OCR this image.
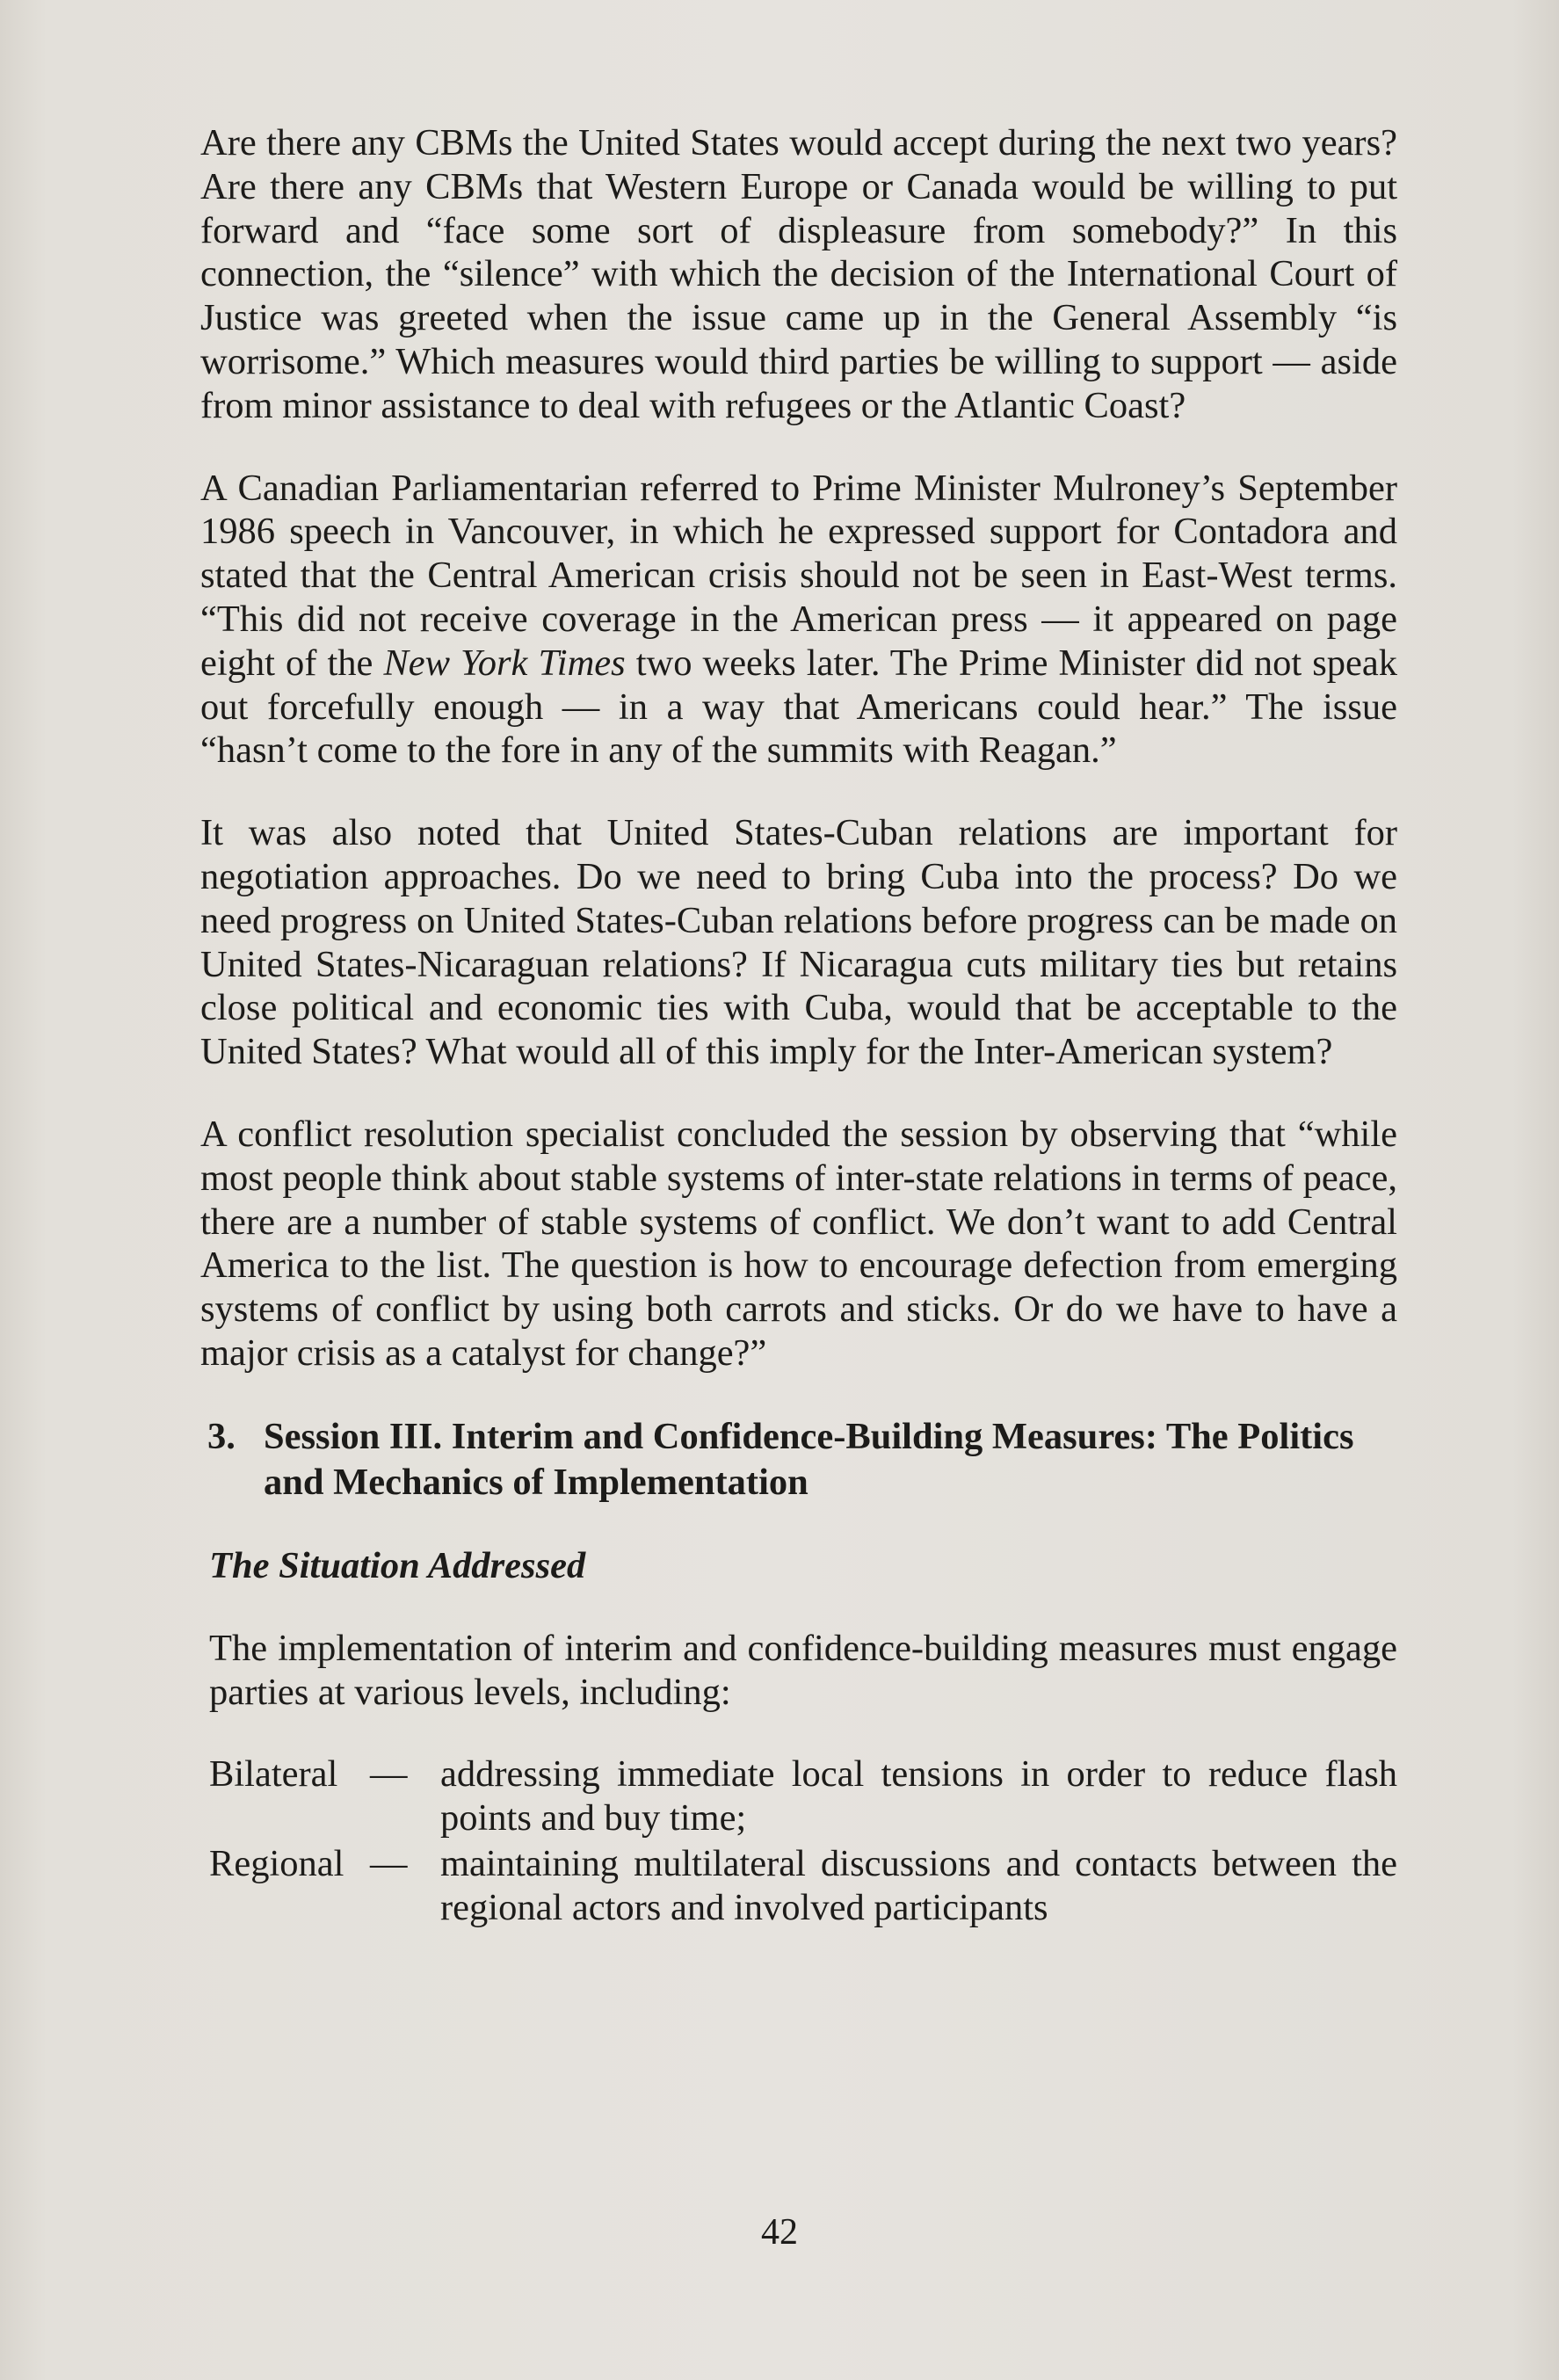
Are there any CBMs the United States would accept during the next two years? Are there any CBMs that Western Europe or Canada would be willing to put forward and “face some sort of displeasure from somebody?” In this connection, the “silence” with which the decision of the International Court of Justice was greeted when the issue came up in the General Assembly “is worrisome.” Which measures would third parties be willing to support — aside from minor assistance to deal with refugees or the Atlantic Coast?

A Canadian Parliamentarian referred to Prime Minister Mulroney’s September 1986 speech in Vancouver, in which he expressed support for Contadora and stated that the Central American crisis should not be seen in East-West terms. “This did not receive coverage in the American press — it appeared on page eight of the New York Times two weeks later. The Prime Minister did not speak out forcefully enough — in a way that Americans could hear.” The issue “hasn’t come to the fore in any of the summits with Reagan.”

It was also noted that United States-Cuban relations are important for negotiation approaches. Do we need to bring Cuba into the process? Do we need progress on United States-Cuban relations before progress can be made on United States-Nicaraguan relations? If Nicaragua cuts military ties but retains close political and economic ties with Cuba, would that be acceptable to the United States? What would all of this imply for the Inter-American system?

A conflict resolution specialist concluded the session by observing that “while most people think about stable systems of inter-state relations in terms of peace, there are a number of stable systems of conflict. We don’t want to add Central America to the list. The question is how to encourage defection from emerging systems of conflict by using both carrots and sticks. Or do we have to have a major crisis as a catalyst for change?”

3. Session III. Interim and Confidence-Building Measures: The Politics and Mechanics of Implementation
The Situation Addressed

The implementation of interim and confidence-building measures must engage parties at various levels, including:

Bilateral — addressing immediate local tensions in order to reduce flash points and buy time;
Regional — maintaining multilateral discussions and contacts between the regional actors and involved participants
42
